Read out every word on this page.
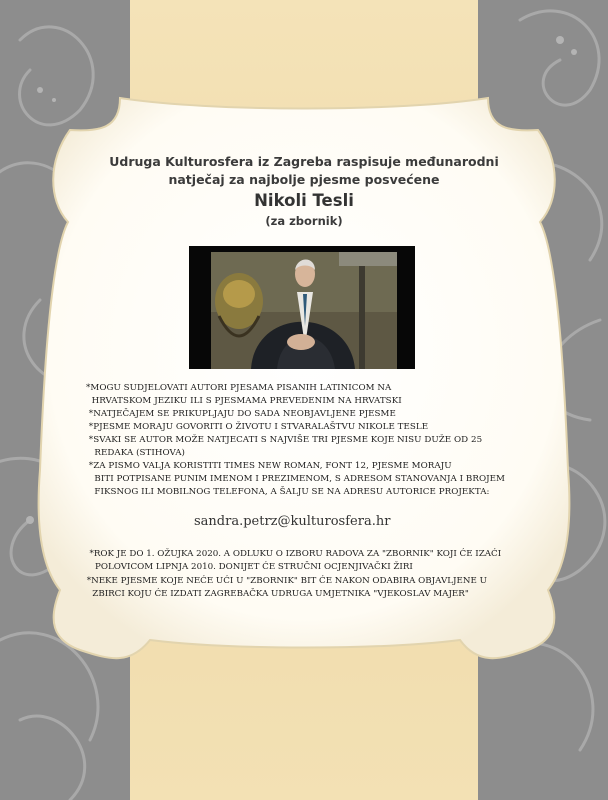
Udruga Kulturosfera iz Zagreba raspisuje međunarodni
natječaj za najbolje pjesme posvećene
Nikoli Tesli
(za zbornik)
*MOGU SUDJELOVATI AUTORI PJESAMA PISANIH LATINICOM NA
HRVATSKOM JEZIKU ILI S PJESMAMA PREVEDENIM NA HRVATSKI
*NATJEČAJEM SE PRIKUPLJAJU DO SADA NEOBJAVLJENE PJESME
*PJESME MORAJU GOVORITI O ŽIVOTU I STVARALAŠTVU NIKOLE TESLE
*SVAKI SE AUTOR MOŽE NATJECATI S NAJVIŠE TRI PJESME KOJE NISU DUŽE OD 25
REDAKA (STIHOVA)
*ZA PISMO VALJA KORISTITI TIMES NEW ROMAN, FONT 12, PJESME MORAJU
BITI POTPISANE PUNIM IMENOM I PREZIMENOM, S ADRESOM STANOVANJA I BROJEM
FIKSNOG ILI MOBILNOG TELEFONA, A ŠALJU SE NA ADRESU AUTORICE PROJEKTA:
sandra.petrz@kulturosfera.hr
*ROK JE DO 1. OŽUJKA 2020. A ODLUKU O IZBORU RADOVA ZA "ZBORNIK" KOJI ĆE IZAĆI
POLOVICOM LIPNJA 2010. DONIJET ĆE STRUČNI OCJENJIVAČKI ŽIRI
*NEKE PJESME KOJE NEĆE UĆI U "ZBORNIK" BIT ĆE NAKON ODABIRA OBJAVLJENE U
ZBIRCI KOJU ĆE IZDATI ZAGREBAČKA UDRUGA UMJETNIKA "VJEKOSLAV MAJER"
